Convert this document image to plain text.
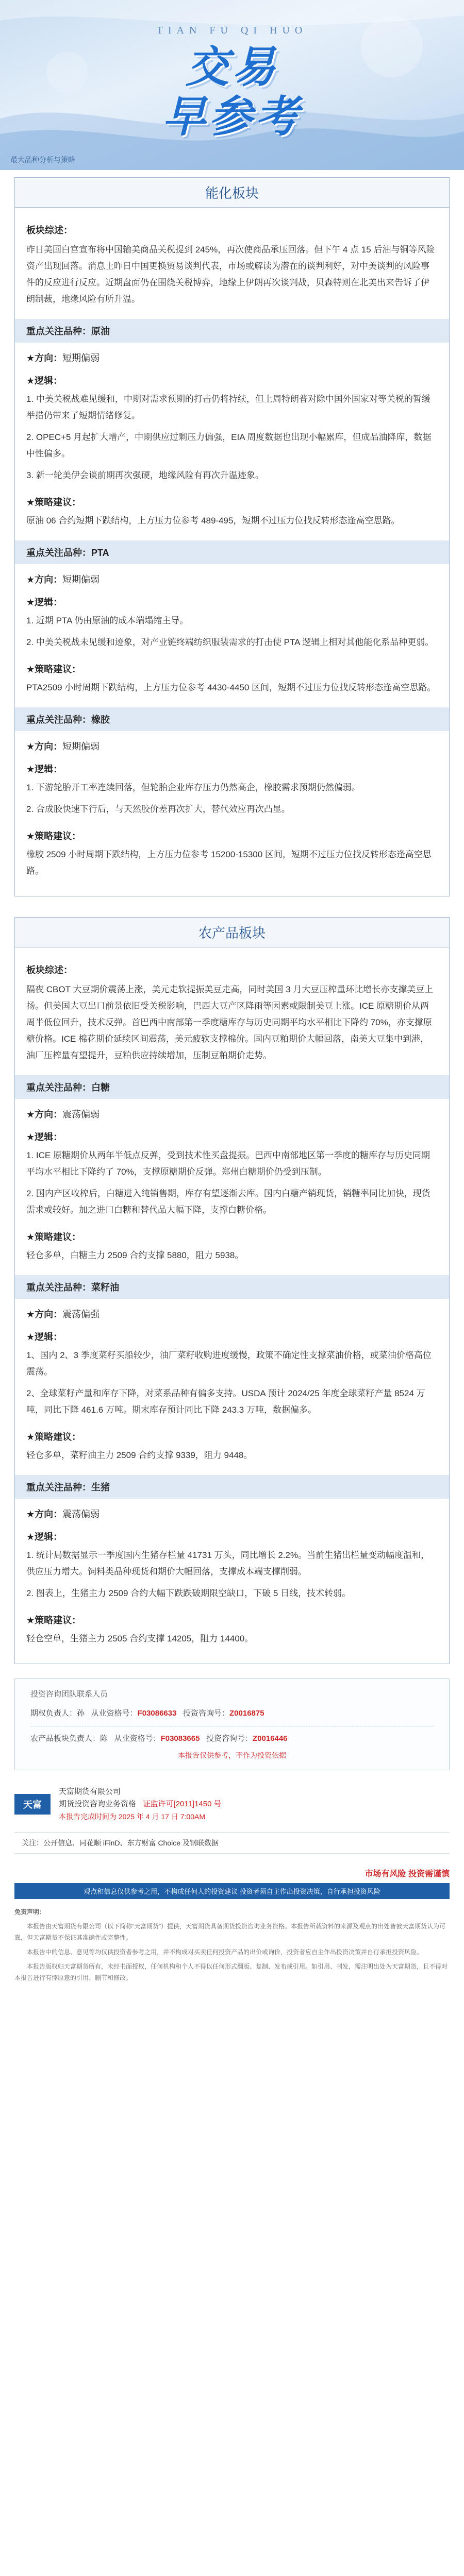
TIAN FU QI HUO
交易
早参考
最大品种分析与策略
能化板块
板块综述：
昨日美国白宫宣布将中国输美商品关税提到 245%，再次使商品承压回落。但下午 4 点 15 后油与铜等风险资产出现回落。消息上昨日中国更换贸易谈判代表，市场或解读为潜在的谈判利好，对中美谈判的风险事件的反应进行反应。近期盘面仍在围绕关税博弈，地缘上伊朗再次谈判战，贝森特则在北美出来告诉了伊朗制裁，地缘风险有所升温。
重点关注品种：原油
★方向：短期偏弱
★逻辑：
1. 中美关税战难见缓和，中期对需求预期的打击仍将持续，但上周特朗普对除中国外国家对等关税的暂缓举措仍带来了短期情绪修复。
2. OPEC+5 月起扩大增产，中期供应过剩压力偏强，EIA 周度数据也出现小幅累库，但成品油降库，数据中性偏多。
3. 新一轮美伊会谈前期再次强硬，地缘风险有再次升温迹象。
★策略建议：
原油 06 合约短期下跌结构，上方压力位参考 489-495，短期不过压力位找反转形态逢高空思路。
重点关注品种：PTA
★方向：短期偏弱
★逻辑：
1. 近期 PTA 仍由原油的成本端塌缩主导。
2. 中美关税战未见缓和迹象，对产业链终端纺织服装需求的打击使 PTA 逻辑上相对其他能化系品种更弱。
★策略建议：
PTA2509 小时周期下跌结构，上方压力位参考 4430-4450 区间，短期不过压力位找反转形态逢高空思路。
重点关注品种：橡胶
★方向：短期偏弱
★逻辑：
1. 下游轮胎开工率连续回落，但轮胎企业库存压力仍然高企，橡胶需求预期仍然偏弱。
2. 合成胶快速下行后，与天然胶价差再次扩大，替代效应再次凸显。
★策略建议：
橡胶 2509 小时周期下跌结构，上方压力位参考 15200-15300 区间，短期不过压力位找反转形态逢高空思路。
农产品板块
板块综述：
隔夜 CBOT 大豆期价震荡上涨，美元走软提振美豆走高，同时美国 3 月大豆压榨量环比增长亦支撑美豆上扬。但美国大豆出口前景依旧受关税影响，巴西大豆产区降雨等因素或限制美豆上涨。ICE 原糖期价从两周半低位回升，技术反弹。首巴西中南部第一季度糖库存与历史同期平均水平相比下降约 70%，亦支撑原糖价格。ICE 棉花期价延续区间震荡，美元疲软支撑棉价。国内豆粕期价大幅回落，南美大豆集中到港，油厂压榨量有望提升，豆粕供应持续增加，压制豆粕期价走势。
重点关注品种：白糖
★方向：震荡偏弱
★逻辑：
1. ICE 原糖期价从两年半低点反弹，受到技术性买盘提振。巴西中南部地区第一季度的糖库存与历史同期平均水平相比下降约了 70%，支撑原糖期价反弹。郑州白糖期价仍受到压制。
2. 国内产区收榨后，白糖进入纯销售期，库存有望逐渐去库。国内白糖产销现货，销糖率同比加快，现货需求或较好。加之进口白糖和替代品大幅下降，支撑白糖价格。
★策略建议：
轻仓多单，白糖主力 2509 合约支撑 5880，阻力 5938。
重点关注品种：菜籽油
★方向：震荡偏强
★逻辑：
1、国内 2、3 季度菜籽买船较少，油厂菜籽收购进度缓慢，政策不确定性支撑菜油价格，或菜油价格高位震荡。
2、全球菜籽产量和库存下降，对菜系品种有偏多支持。USDA 预计 2024/25 年度全球菜籽产量 8524 万吨，同比下降 461.6 万吨。期末库存预计同比下降 243.3 万吨，数据偏多。
★策略建议：
轻仓多单，菜籽油主力 2509 合约支撑 9339，阻力 9448。
重点关注品种：生猪
★方向：震荡偏弱
★逻辑：
1. 统计局数据显示一季度国内生猪存栏量 41731 万头，同比增长 2.2%。当前生猪出栏量变动幅度温和，供应压力增大。饲料类品种现货和期价大幅回落，支撑成本端支撑削弱。
2. 图表上，生猪主力 2509 合约大幅下跌跌破期限空缺口，下破 5 日线，技术转弱。
★策略建议：
轻仓空单，生猪主力 2505 合约支撑 14205，阻力 14400。
投资咨询团队联系人员
期权负责人：孙 从业资格号：F03086633 投资咨询号：Z0016875
农产品板块负责人：陈 从业资格号：F03083665 投资咨询号：Z0016446
本报告仅供参考，不作为投资依据
天富
天富期货有限公司
期货投资咨询业务资格 证监许可[2011]1450 号
本报告完成时间为 2025 年 4 月 17 日 7:00AM
关注：公开信息、同花顺 iFinD、东方财富 Choice 及钢联数据
市场有风险 投资需谨慎
观点和信息仅供参考之用，不构成任何人的投资建议 投资者须自主作出投资决策，自行承担投资风险

免责声明：

本报告由天富期货有限公司（以下简称“天富期货”）提供，天富期货具备期货投资咨询业务资格。本报告所载资料的来源及观点的出处皆被天富期货认为可靠，但天富期货不保证其准确性或完整性。

本报告中的信息、意见等均仅供投资者参考之用，并不构成对买卖任何投资产品的出价或询价，投资者应自主作出投资决策并自行承担投资风险。

本报告版权归天富期货所有，未经书面授权，任何机构和个人不得以任何形式翻版、复制、发布或引用。如引用、刊发，需注明出处为天富期货，且不得对本报告进行有悖原意的引用、删节和修改。
